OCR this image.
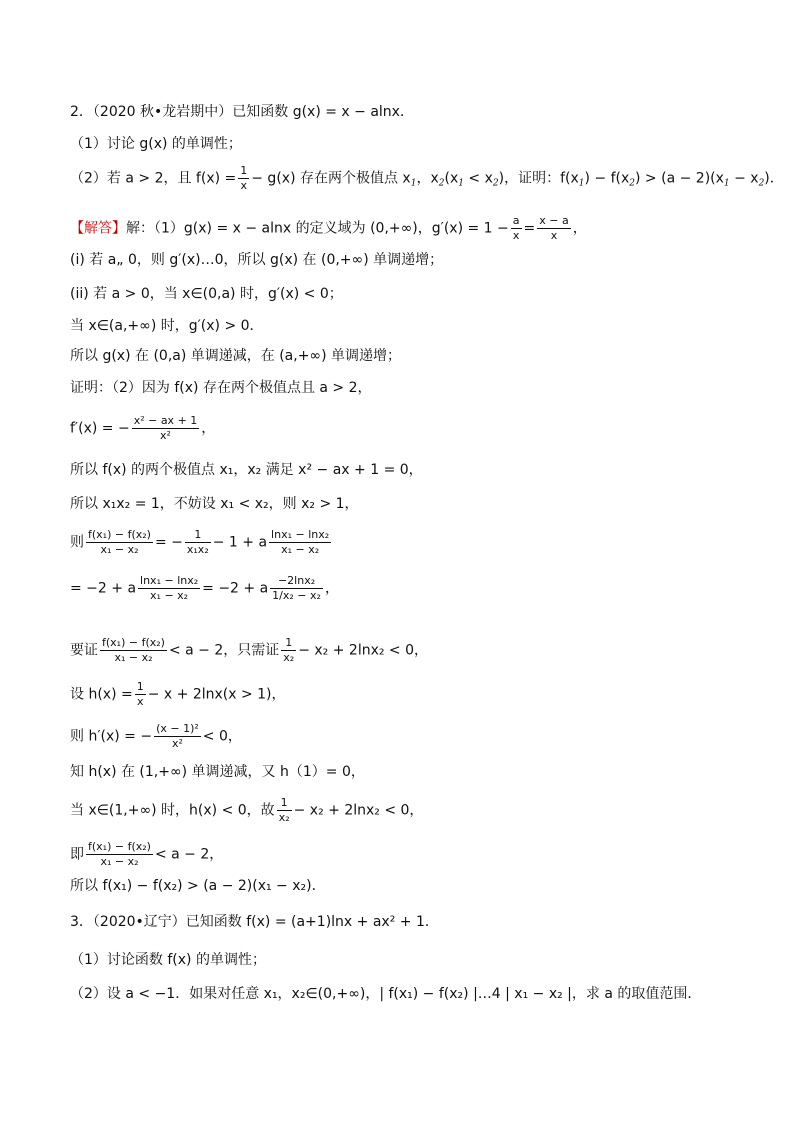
2．（2020 秋•龙岩期中）已知函数 g(x) = x − alnx．
（1）讨论 g(x) 的单调性；
（2）若 a > 2，且 $f(x) = \frac{1}{x} - g(x)$ 存在两个极值点 $x_1$，$x_2(x_1 < x_2)$，证明：$f(x_1) - f(x_2) > (a - 2)(x_1 - x_2)$．
【解答】解：（1）g(x) = x − alnx 的定义域为 (0,+∞)，$g'(x) = 1 - \frac{a}{x} = \frac{x - a}{x}$ ，
(i) 若 a„ 0，则 g′(x)…0，所以 g(x) 在 (0,+∞) 单调递增；
(ii) 若 a > 0，当 x∈(0,a) 时，g′(x) < 0；
当 x∈(a,+∞) 时，g′(x) > 0．
所以 g(x) 在 (0,a) 单调递减，在 (a,+∞) 单调递增；
证明：（2）因为 f(x) 存在两个极值点且 a > 2，
f′(x) = − $\frac{\text{x² − ax + 1}}{\text{x²}}$ ，
所以 f(x) 的两个极值点 x₁，x₂ 满足 x² − ax + 1 = 0，
所以 x₁x₂ = 1，不妨设 x₁ < x₂，则 x₂ > 1，
则 $\frac{\text{f(x₁) − f(x₂)}}{\text{x₁ − x₂}}$ = − $\frac{1}{\text{x₁x₂}} - 1 + a \frac{\text{lnx₁ − lnx₂}}{\text{x₁ − x₂}}$
= −2 + a $\frac{\text{lnx₁ − lnx₂}}{\text{x₁ − x₂}} = -2 + a \frac{\text{−2lnx₂}}{\text{1/x₂ − x₂}}$ ，
要证 $\frac{\text{f(x₁) − f(x₂)}}{\text{x₁ − x₂}} < a - 2$，只需证 $\frac{1}{\text{x₂}} - x_2 + 2\ln x_2 < 0$，
设 $h(x) = \frac{1}{x} - x + 2\ln x(x > 1)$，
则 h′(x) = − $\frac{\text{(x − 1)²}}{\text{x²}} < 0$，
知 h(x) 在 (1,+∞) 单调递减，又 h（1）= 0，
当 x∈(1,+∞) 时，h(x) < 0，故 $\frac{1}{\text{x₂}} - x_2 + 2\ln x_2 < 0$，
即 $\frac{\text{f(x₁) − f(x₂)}}{\text{x₁ − x₂}} < a - 2$，
所以 f(x₁) − f(x₂) > (a − 2)(x₁ − x₂)．
3．（2020•辽宁）已知函数 f(x) = (a+1)lnx + ax² + 1．
（1）讨论函数 f(x) 的单调性；
（2）设 a < −1．如果对任意 x₁，x₂∈(0,+∞)，| f(x₁) − f(x₂) |…4 | x₁ − x₂ |，求 a 的取值范围．
